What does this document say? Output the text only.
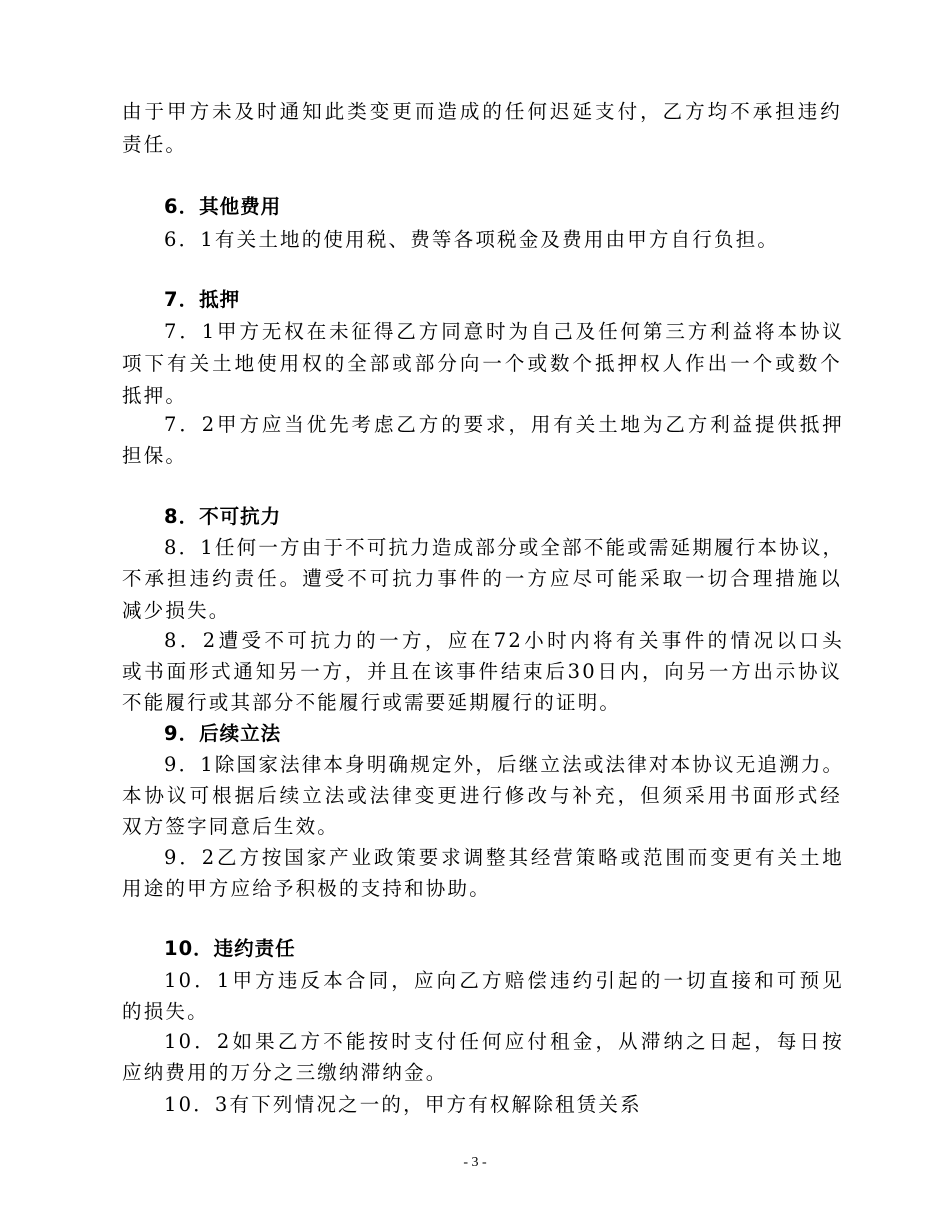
由于甲方未及时通知此类变更而造成的任何迟延支付，乙方均不承担违约
责任。
6．其他费用
6．1有关土地的使用税、费等各项税金及费用由甲方自行负担。
7．抵押
7．1甲方无权在未征得乙方同意时为自己及任何第三方利益将本协议
项下有关土地使用权的全部或部分向一个或数个抵押权人作出一个或数个
抵押。
7．2甲方应当优先考虑乙方的要求，用有关土地为乙方利益提供抵押
担保。
8．不可抗力
8．1任何一方由于不可抗力造成部分或全部不能或需延期履行本协议，
不承担违约责任。遭受不可抗力事件的一方应尽可能采取一切合理措施以
减少损失。
8．2遭受不可抗力的一方，应在72小时内将有关事件的情况以口头
或书面形式通知另一方，并且在该事件结束后30日内，向另一方出示协议
不能履行或其部分不能履行或需要延期履行的证明。
9．后续立法
9．1除国家法律本身明确规定外，后继立法或法律对本协议无追溯力。
本协议可根据后续立法或法律变更进行修改与补充，但须采用书面形式经
双方签字同意后生效。
9．2乙方按国家产业政策要求调整其经营策略或范围而变更有关土地
用途的甲方应给予积极的支持和协助。
10．违约责任
10．1甲方违反本合同，应向乙方赔偿违约引起的一切直接和可预见
的损失。
10．2如果乙方不能按时支付任何应付租金，从滞纳之日起，每日按
应纳费用的万分之三缴纳滞纳金。
10．3有下列情况之一的，甲方有权解除租赁关系
- 3 -
